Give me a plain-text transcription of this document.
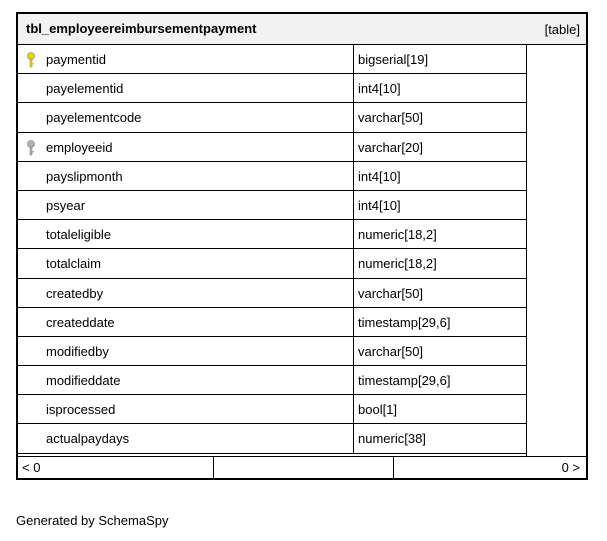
tbl_employeereimbursementpayment	[table]
paymentid	bigserial[19]
payelementid	int4[10]
payelementcode	varchar[50]
employeeid	varchar[20]
payslipmonth	int4[10]
psyear	int4[10]
totaleligible	numeric[18,2]
totalclaim	numeric[18,2]
createdby	varchar[50]
createddate	timestamp[29,6]
modifiedby	varchar[50]
modifieddate	timestamp[29,6]
isprocessed	bool[1]
actualpaydays	numeric[38]
< 0	0 >
Generated by SchemaSpy
